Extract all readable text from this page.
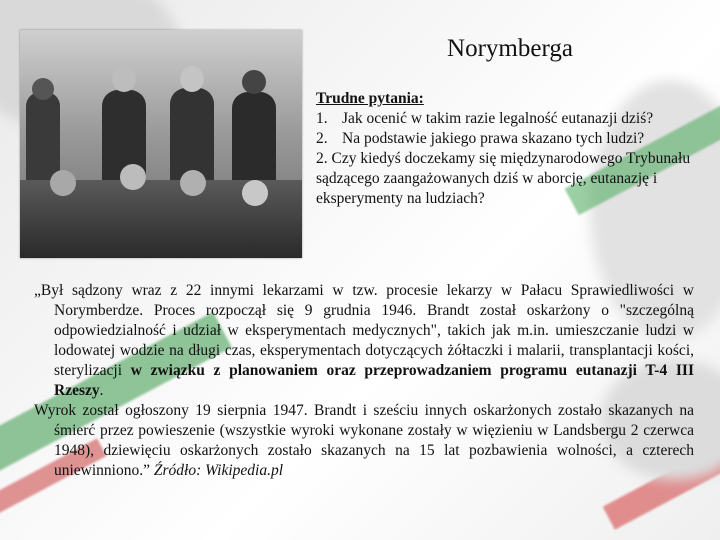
Norymberga
Trudne pytania:
1. Jak ocenić w takim razie legalność eutanazji dziś?
2. Na podstawie jakiego prawa skazano tych ludzi?
2. Czy kiedyś doczekamy się międzynarodowego Trybunału sądzącego zaangażowanych dziś w aborcję, eutanazję i eksperymenty na ludziach?

„Był sądzony wraz z 22 innymi lekarzami w tzw. procesie lekarzy w Pałacu Sprawiedliwości w Norymberdze. Proces rozpoczął się 9 grudnia 1946. Brandt został oskarżony o "szczególną odpowiedzialność i udział w eksperymentach medycznych", takich jak m.in. umieszczanie ludzi w lodowatej wodzie na długi czas, eksperymentach dotyczących żółtaczki i malarii, transplantacji kości, sterylizacji w związku z planowaniem oraz przeprowadzaniem programu eutanazji T-4 III Rzeszy.

Wyrok został ogłoszony 19 sierpnia 1947. Brandt i sześciu innych oskarżonych zostało skazanych na śmierć przez powieszenie (wszystkie wyroki wykonane zostały w więzieniu w Landsbergu 2 czerwca 1948), dziewięciu oskarżonych zostało skazanych na 15 lat pozbawienia wolności, a czterech uniewinniono.” Źródło: Wikipedia.pl
